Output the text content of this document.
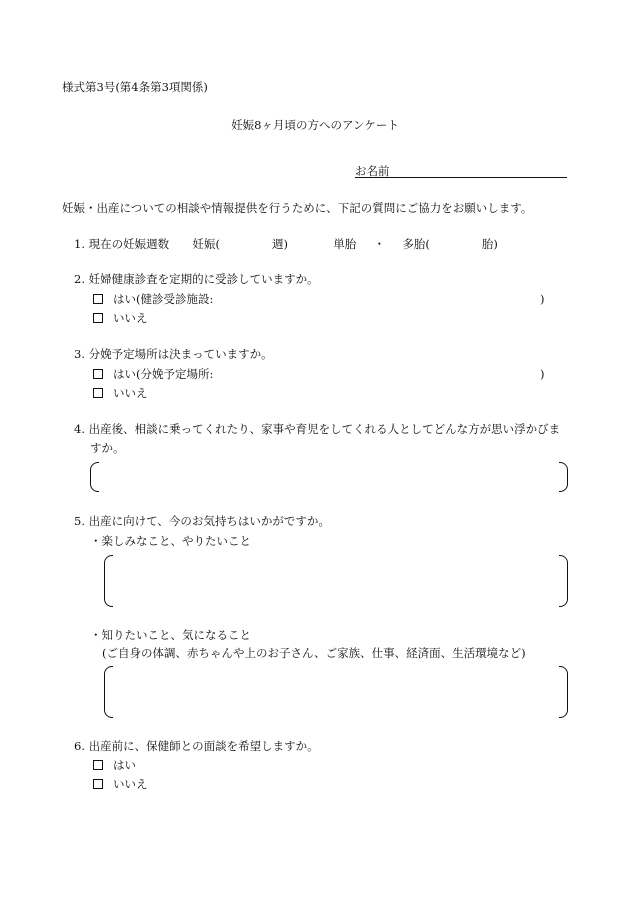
様式第3号(第4条第3項関係)
妊娠8ヶ月頃の方へのアンケート
お名前
妊娠・出産についての相談や情報提供を行うために、下記の質問にご協力をお願いします。
1. 現在の妊娠週数 妊娠(	週)	単胎 ・ 多胎(	胎)
2. 妊婦健康診査を定期的に受診していますか。
はい(健診受診施設:	)
いいえ
3. 分娩予定場所は決まっていますか。
はい(分娩予定場所:	)
いいえ
4. 出産後、相談に乗ってくれたり、家事や育児をしてくれる人としてどんな方が思い浮かびま
すか。
5. 出産に向けて、今のお気持ちはいかがですか。
・楽しみなこと、やりたいこと
・知りたいこと、気になること
(ご自身の体調、赤ちゃんや上のお子さん、ご家族、仕事、経済面、生活環境など)
6. 出産前に、保健師との面談を希望しますか。
はい
いいえ
